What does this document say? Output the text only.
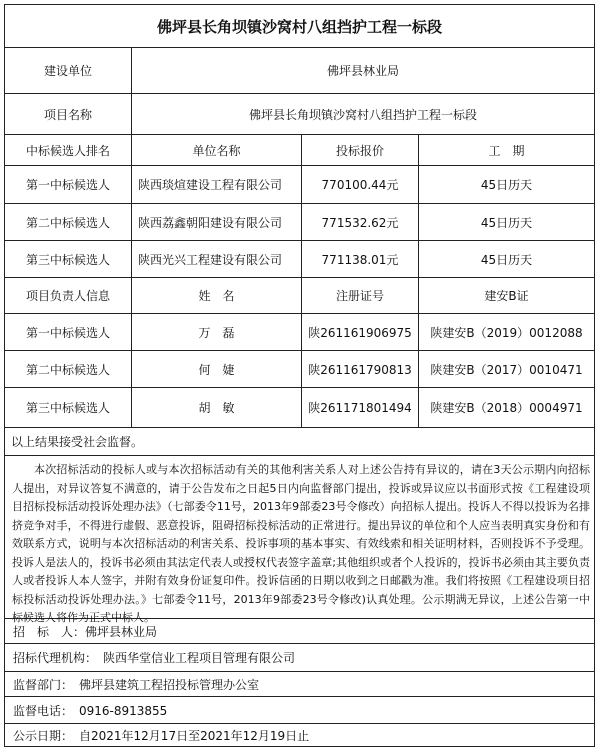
佛坪县长角坝镇沙窝村八组挡护工程一标段
建设单位	佛坪县林业局
项目名称	佛坪县长角坝镇沙窝村八组挡护工程一标段
中标候选人排名	单位名称	投标报价	工　期
第一中标候选人	陕西琰煊建设工程有限公司	770100.44元	45日历天
第二中标候选人	陕西荔鑫朝阳建设有限公司	771532.62元	45日历天
第三中标候选人	陕西光兴工程建设有限公司	771138.01元	45日历天
项目负责人信息	姓　名	注册证号	建安B证
第一中标候选人	万　磊	陕261161906975	陕建安B（2019）0012088
第二中标候选人	何　婕	陕261161790813	陕建安B（2017）0010471
第三中标候选人	胡　敏	陕261171801494	陕建安B（2018）0004971
以上结果接受社会监督。
本次招标活动的投标人或与本次招标活动有关的其他利害关系人对上述公告持有异议的，请在3天公示期内向招标人提出，对异议答复不满意的，请于公告发布之日起5日内向监督部门提出，投诉或异议应以书面形式按《工程建设项目招标投标活动投诉处理办法》（七部委令11号，2013年9部委23号令修改）向招标人提出。投诉人不得以投诉为名排挤竞争对手，不得进行虚假、恶意投诉，阻碍招标投标活动的正常进行。提出异议的单位和个人应当表明真实身份和有效联系方式，说明与本次招标活动的利害关系、投诉事项的基本事实、有效线索和相关证明材料，否则投诉不予受理。投诉人是法人的，投诉书必须由其法定代表人或授权代表签字盖章;其他组织或者个人投诉的，投诉书必须由其主要负责人或者投诉人本人签字，并附有效身份证复印件。投诉信函的日期以收到之日邮戳为准。我们将按照《工程建设项目招标投标活动投诉处理办法。》七部委令11号，2013年9部委23号令修改)认真处理。公示期满无异议，上述公告第一中标候选人将作为正式中标人。
招　标　人：佛坪县林业局
招标代理机构：　陕西华堂信业工程项目管理有限公司
监督部门：　佛坪县建筑工程招投标管理办公室
监督电话：　0916-8913855
公示日期：　自2021年12月17日至2021年12月19日止
